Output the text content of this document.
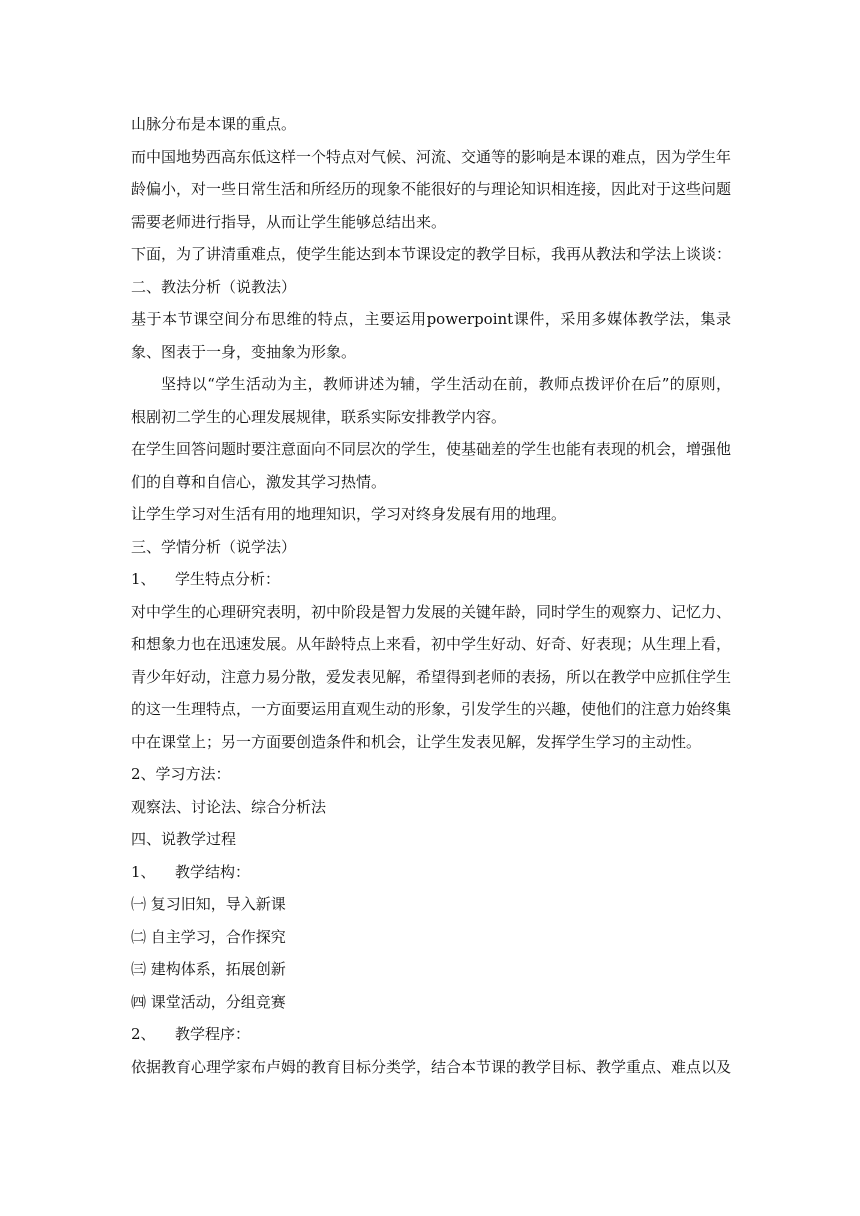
山脉分布是本课的重点。

而中国地势西高东低这样一个特点对气候、河流、交通等的影响是本课的难点，因为学生年龄偏小，对一些日常生活和所经历的现象不能很好的与理论知识相连接，因此对于这些问题需要老师进行指导，从而让学生能够总结出来。

下面，为了讲清重难点，使学生能达到本节课设定的教学目标，我再从教法和学法上谈谈：

二、教法分析（说教法）

基于本节课空间分布思维的特点，主要运用powerpoint课件，采用多媒体教学法，集录象、图表于一身，变抽象为形象。

坚持以“学生活动为主，教师讲述为辅，学生活动在前，教师点拨评价在后”的原则，根剧初二学生的心理发展规律，联系实际安排教学内容。

在学生回答问题时要注意面向不同层次的学生，使基础差的学生也能有表现的机会，增强他们的自尊和自信心，激发其学习热情。

让学生学习对生活有用的地理知识，学习对终身发展有用的地理。

三、学情分析（说学法）

1、 学生特点分析：

对中学生的心理研究表明，初中阶段是智力发展的关键年龄，同时学生的观察力、记忆力、和想象力也在迅速发展。从年龄特点上来看，初中学生好动、好奇、好表现；从生理上看，青少年好动，注意力易分散，爱发表见解，希望得到老师的表扬，所以在教学中应抓住学生的这一生理特点，一方面要运用直观生动的形象，引发学生的兴趣，使他们的注意力始终集中在课堂上；另一方面要创造条件和机会，让学生发表见解，发挥学生学习的主动性。

2、学习方法：

观察法、讨论法、综合分析法

四、说教学过程

1、 教学结构：

㈠ 复习旧知，导入新课

㈡ 自主学习，合作探究

㈢ 建构体系，拓展创新

㈣ 课堂活动，分组竞赛

2、 教学程序：

依据教育心理学家布卢姆的教育目标分类学，结合本节课的教学目标、教学重点、难点以及
